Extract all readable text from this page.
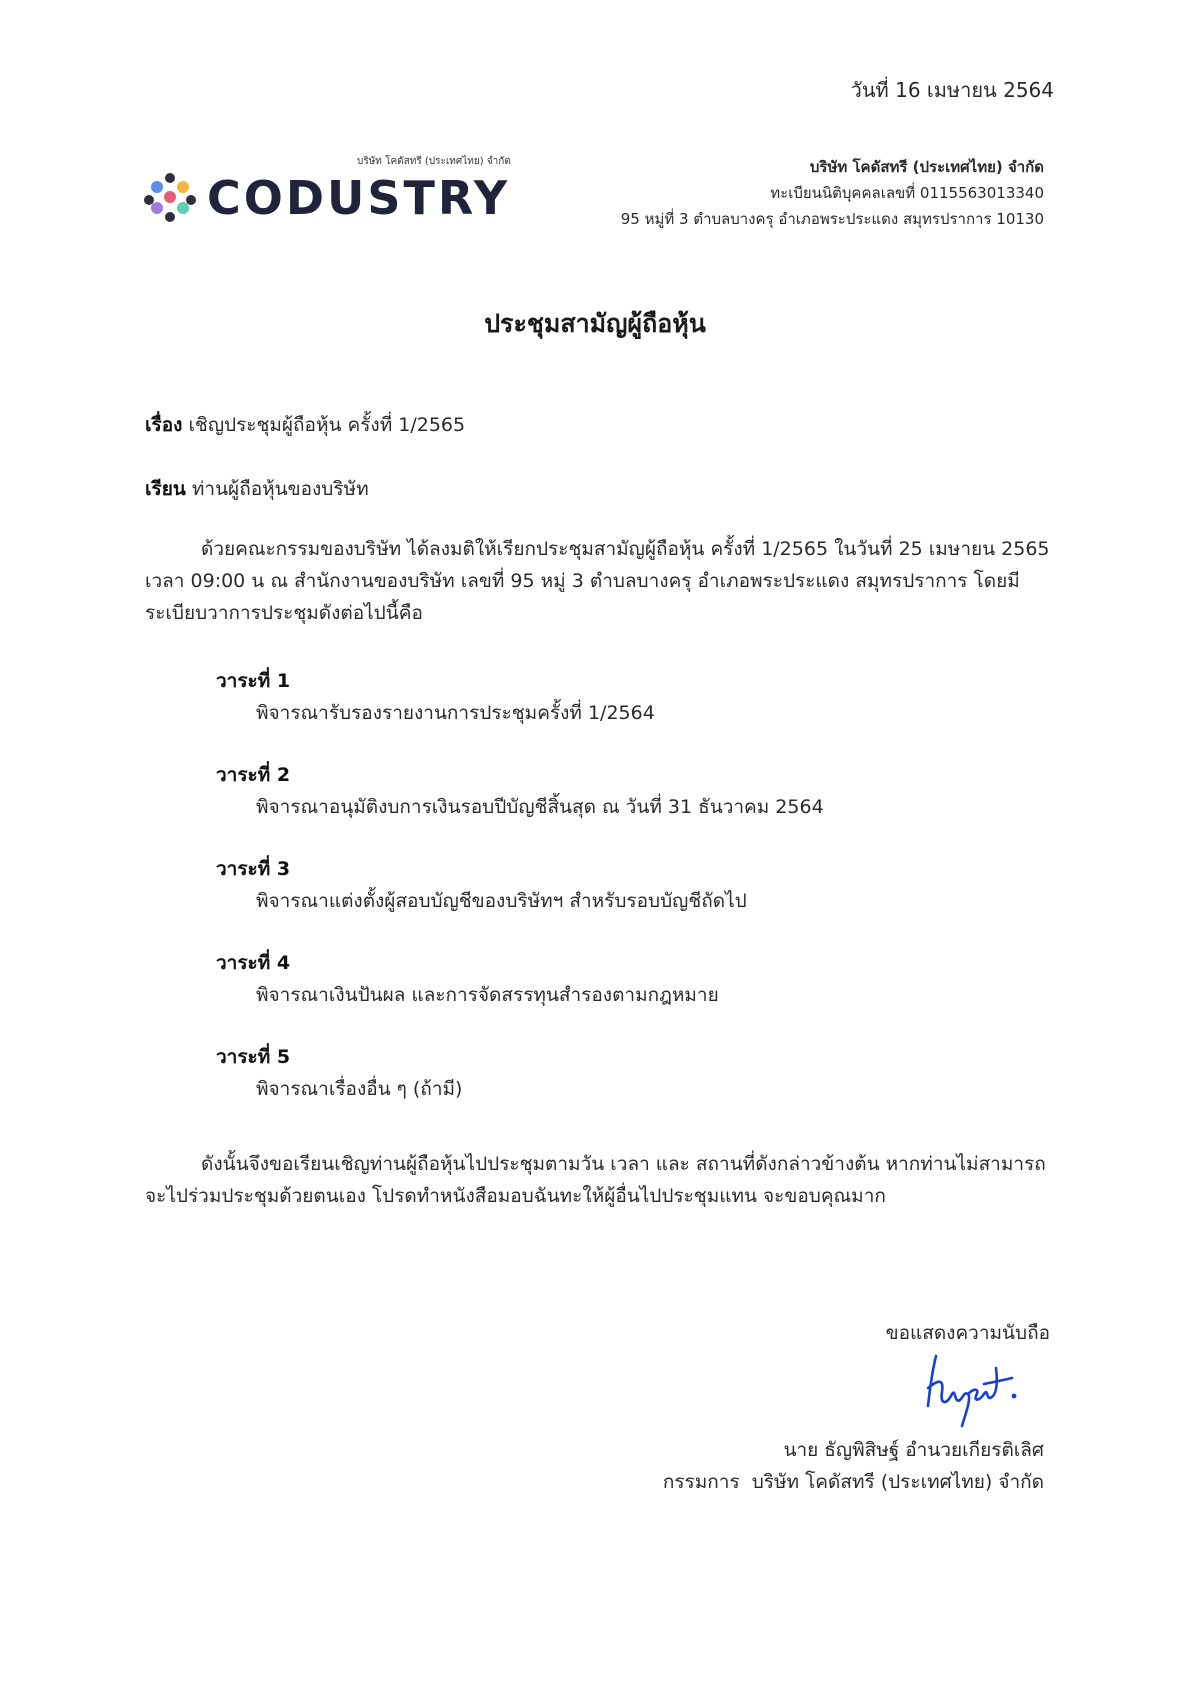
วันที่ 16 เมษายน 2564
บริษัท โคดัสทรี (ประเทศไทย) จำกัด
CODUSTRY
บริษัท โคดัสทรี (ประเทศไทย) จำกัด
ทะเบียนนิติบุคคลเลขที่ 0115563013340
95 หมู่ที่ 3 ตำบลบางครุ อำเภอพระประแดง สมุทรปราการ 10130
ประชุมสามัญผู้ถือหุ้น
เรื่อง เชิญประชุมผู้ถือหุ้น ครั้งที่ 1/2565
เรียน ท่านผู้ถือหุ้นของบริษัท
ด้วยคณะกรรมของบริษัท ได้ลงมติให้เรียกประชุมสามัญผู้ถือหุ้น ครั้งที่ 1/2565 ในวันที่ 25 เมษายน 2565 เวลา 09:00 น ณ สำนักงานของบริษัท เลขที่ 95 หมู่ 3 ตำบลบางครุ อำเภอพระประแดง สมุทรปราการ โดยมีระเบียบวาการประชุมดังต่อไปนี้คือ
วาระที่ 1
พิจารณารับรองรายงานการประชุมครั้งที่ 1/2564
วาระที่ 2
พิจารณาอนุมัติงบการเงินรอบปีบัญชีสิ้นสุด ณ วันที่ 31 ธันวาคม 2564
วาระที่ 3
พิจารณาแต่งตั้งผู้สอบบัญชีของบริษัทฯ สำหรับรอบบัญชีถัดไป
วาระที่ 4
พิจารณาเงินปันผล และการจัดสรรทุนสำรองตามกฎหมาย
วาระที่ 5
พิจารณาเรื่องอื่น ๆ (ถ้ามี)
ดังนั้นจึงขอเรียนเชิญท่านผู้ถือหุ้นไปประชุมตามวัน เวลา และ สถานที่ดังกล่าวข้างต้น หากท่านไม่สามารถจะไปร่วมประชุมด้วยตนเอง โปรดทำหนังสือมอบฉันทะให้ผู้อื่นไปประชุมแทน จะขอบคุณมาก
ขอแสดงความนับถือ
นาย ธัญพิสิษฐ์ อำนวยเกียรติเลิศ
กรรมการ  บริษัท โคดัสทรี (ประเทศไทย) จำกัด
